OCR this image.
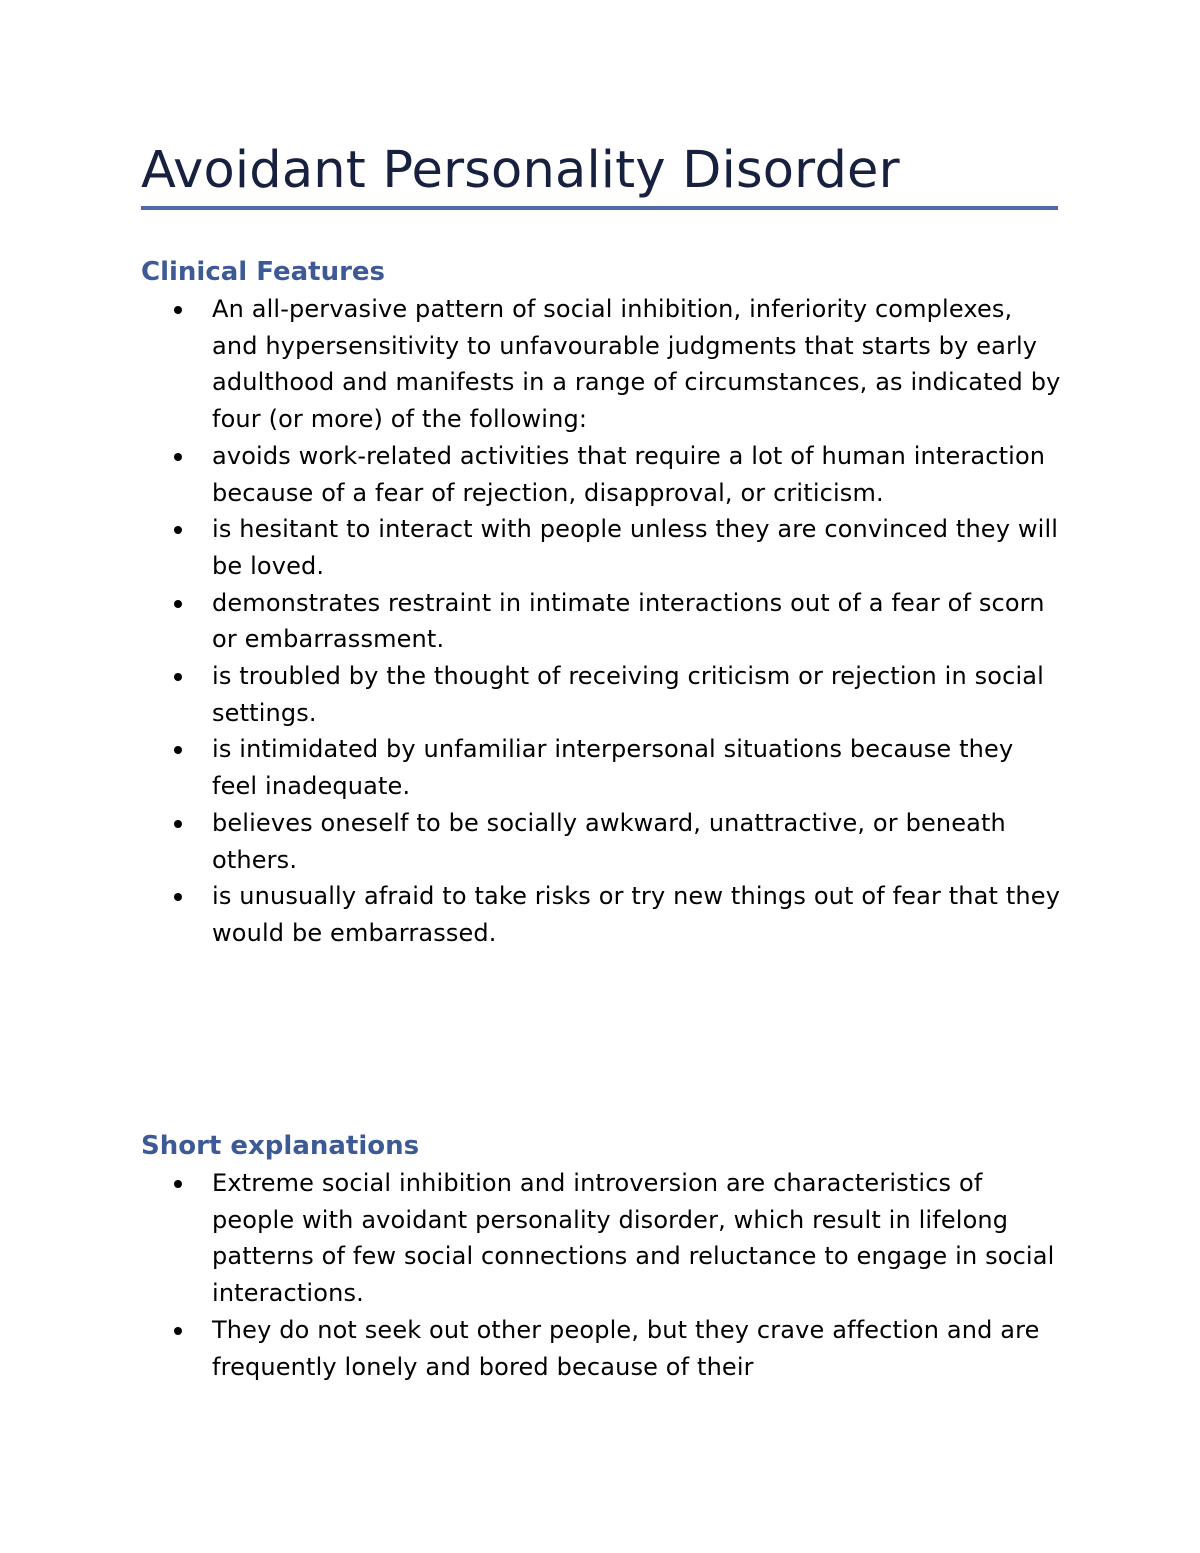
Avoidant Personality Disorder
Clinical Features
An all-pervasive pattern of social inhibition, inferiority complexes, and hypersensitivity to unfavourable judgments that starts by early adulthood and manifests in a range of circumstances, as indicated by four (or more) of the following:
avoids work-related activities that require a lot of human interaction because of a fear of rejection, disapproval, or criticism.
is hesitant to interact with people unless they are convinced they will be loved.
demonstrates restraint in intimate interactions out of a fear of scorn or embarrassment.
is troubled by the thought of receiving criticism or rejection in social settings.
is intimidated by unfamiliar interpersonal situations because they feel inadequate.
believes oneself to be socially awkward, unattractive, or beneath others.
is unusually afraid to take risks or try new things out of fear that they would be embarrassed.
Short explanations
Extreme social inhibition and introversion are characteristics of people with avoidant personality disorder, which result in lifelong patterns of few social connections and reluctance to engage in social interactions.
They do not seek out other people, but they crave affection and are frequently lonely and bored because of their
